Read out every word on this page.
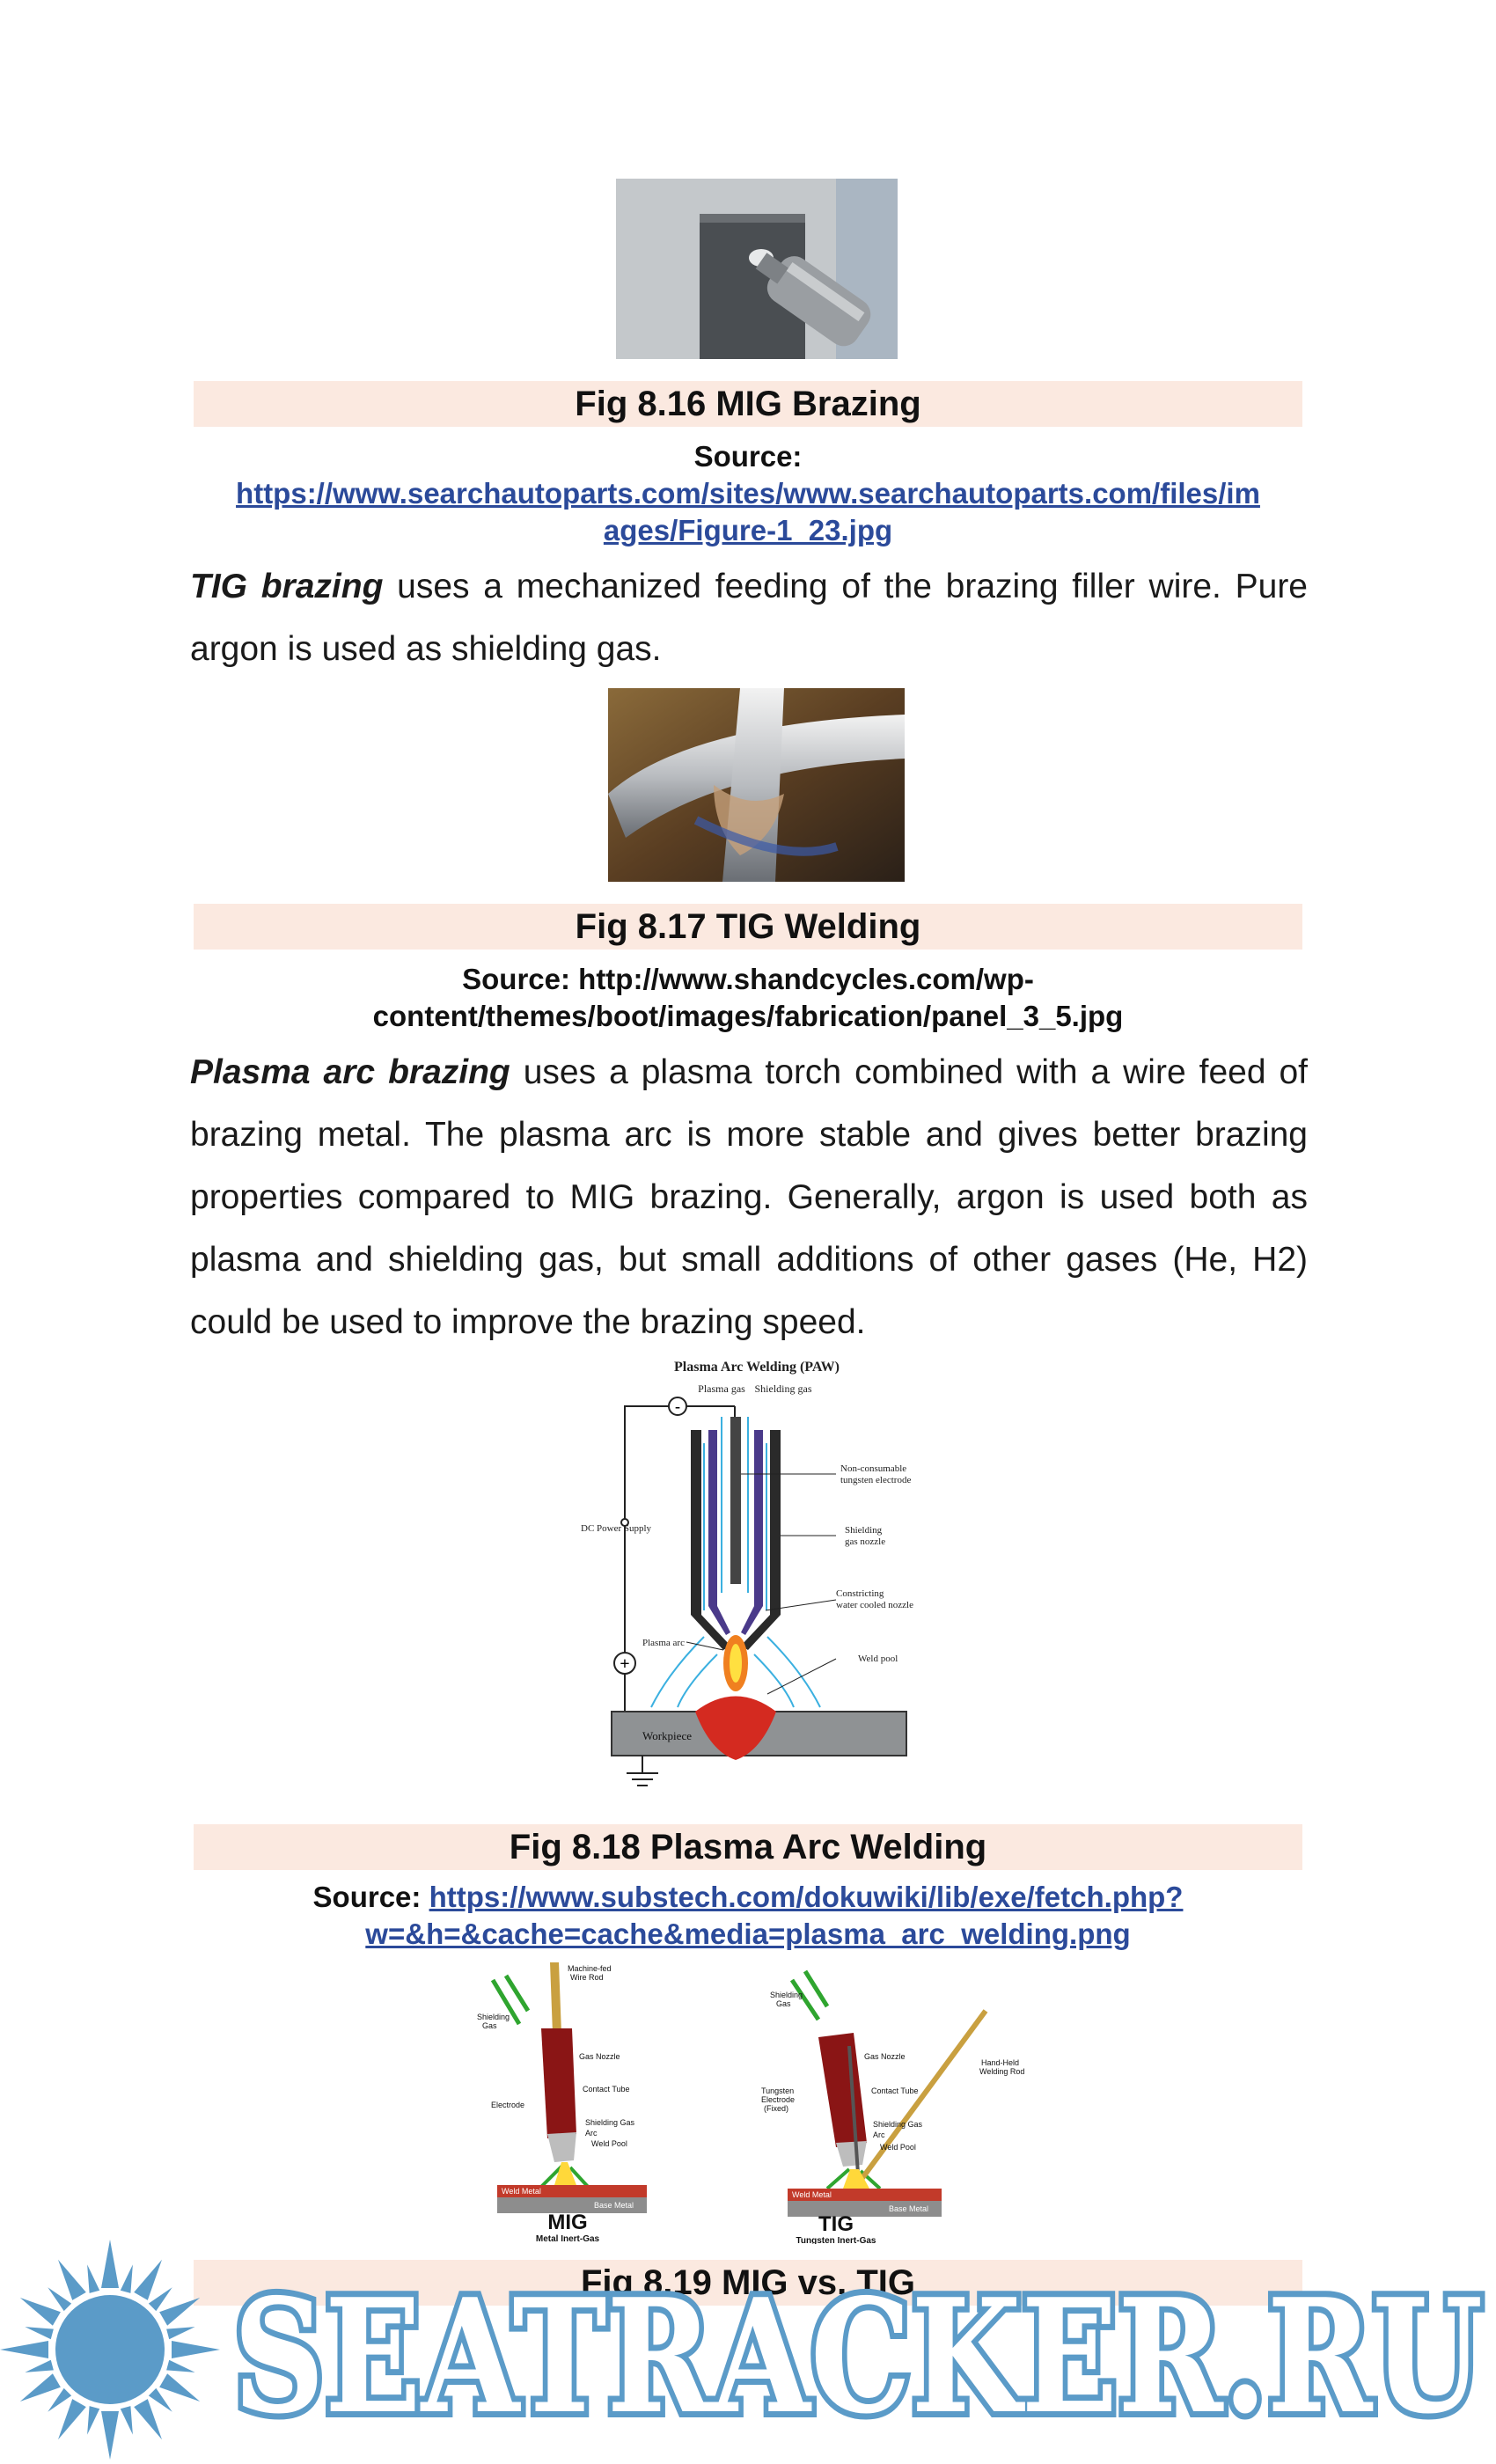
Fig 8.16 MIG Brazing
Source:
https://www.searchautoparts.com/sites/www.searchautoparts.com/files/im
ages/Figure-1_23.jpg
TIG brazing uses a mechanized feeding of the brazing filler wire. Pure argon is used as shielding gas.
Fig 8.17 TIG Welding
Source: http://www.shandcycles.com/wp-
content/themes/boot/images/fabrication/panel_3_5.jpg
Plasma arc brazing uses a plasma torch combined with a wire feed of brazing metal. The plasma arc is more stable and gives better brazing properties compared to MIG brazing. Generally, argon is used both as plasma and shielding gas, but small additions of other gases (He, H2) could be used to improve the brazing speed.
Plasma Arc Welding (PAW)
Plasma gas Shielding gas
-
DC Power Supply
+
Workpiece
Non-consumable tungsten electrode
Shielding gas nozzle
Constricting water cooled nozzle
Plasma arc
Weld pool
Fig 8.18 Plasma Arc Welding
Source: https://www.substech.com/dokuwiki/lib/exe/fetch.php?
w=&h=&cache=cache&media=plasma_arc_welding.png
Machine-fed Wire Rod
Shielding Gas
Gas Nozzle
Contact Tube
Electrode
Shielding Gas
Arc
Weld Pool
Weld Metal
Base Metal
MIG
Metal Inert-Gas
Shielding Gas
Gas Nozzle
Contact Tube
Tungsten Electrode (Fixed)
Hand-Held Welding Rod
Shielding Gas
Arc
Weld Pool
Weld Metal
Base Metal
TIG
Tungsten Inert-Gas
Fig 8.19 MIG vs. TIG
SEATRACKER.RU
